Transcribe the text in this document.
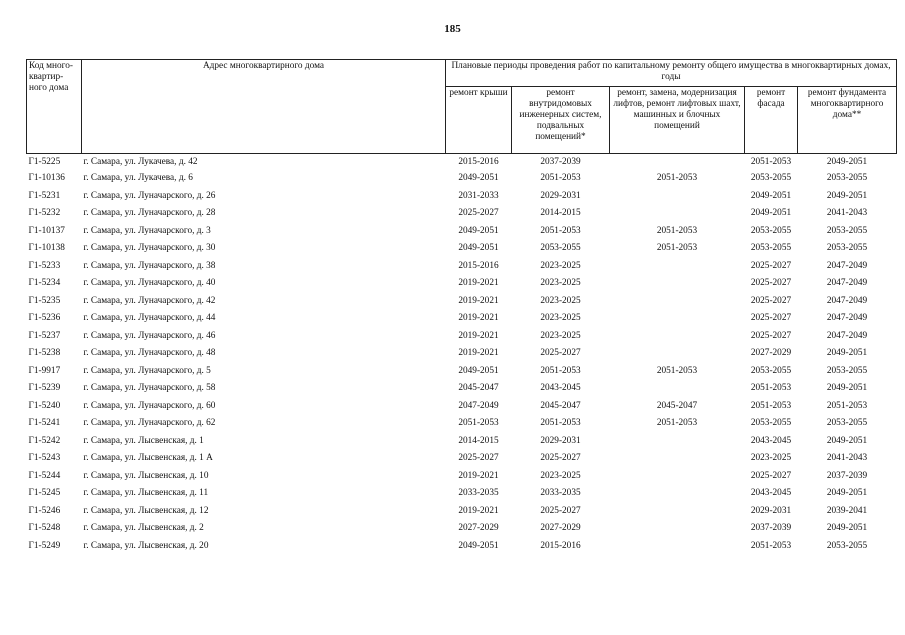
185
Код много-квартир-ного дома	Адрес многоквартирного дома	Плановые периоды проведения работ по капитальному ремонту общего имущества в многоквартирных домах, годы				
		ремонт крыши	ремонт внутридомовых инженерных систем, подвальных помещений*	ремонт, замена, модернизация лифтов, ремонт лифтовых шахт, машинных и блочных помещений	ремонт фасада	ремонт фундамента многоквартирного дома**
Г1-5225	г. Самара, ул. Лукачева, д. 42	2015-2016	2037-2039		2051-2053	2049-2051
Г1-10136	г. Самара, ул. Лукачева, д. 6	2049-2051	2051-2053	2051-2053	2053-2055	2053-2055
Г1-5231	г. Самара, ул. Луначарского, д. 26	2031-2033	2029-2031		2049-2051	2049-2051
Г1-5232	г. Самара, ул. Луначарского, д. 28	2025-2027	2014-2015		2049-2051	2041-2043
Г1-10137	г. Самара, ул. Луначарского, д. 3	2049-2051	2051-2053	2051-2053	2053-2055	2053-2055
Г1-10138	г. Самара, ул. Луначарского, д. 30	2049-2051	2053-2055	2051-2053	2053-2055	2053-2055
Г1-5233	г. Самара, ул. Луначарского, д. 38	2015-2016	2023-2025		2025-2027	2047-2049
Г1-5234	г. Самара, ул. Луначарского, д. 40	2019-2021	2023-2025		2025-2027	2047-2049
Г1-5235	г. Самара, ул. Луначарского, д. 42	2019-2021	2023-2025		2025-2027	2047-2049
Г1-5236	г. Самара, ул. Луначарского, д. 44	2019-2021	2023-2025		2025-2027	2047-2049
Г1-5237	г. Самара, ул. Луначарского, д. 46	2019-2021	2023-2025		2025-2027	2047-2049
Г1-5238	г. Самара, ул. Луначарского, д. 48	2019-2021	2025-2027		2027-2029	2049-2051
Г1-9917	г. Самара, ул. Луначарского, д. 5	2049-2051	2051-2053	2051-2053	2053-2055	2053-2055
Г1-5239	г. Самара, ул. Луначарского, д. 58	2045-2047	2043-2045		2051-2053	2049-2051
Г1-5240	г. Самара, ул. Луначарского, д. 60	2047-2049	2045-2047	2045-2047	2051-2053	2051-2053
Г1-5241	г. Самара, ул. Луначарского, д. 62	2051-2053	2051-2053	2051-2053	2053-2055	2053-2055
Г1-5242	г. Самара, ул. Лысвенская, д. 1	2014-2015	2029-2031		2043-2045	2049-2051
Г1-5243	г. Самара, ул. Лысвенская, д. 1 А	2025-2027	2025-2027		2023-2025	2041-2043
Г1-5244	г. Самара, ул. Лысвенская, д. 10	2019-2021	2023-2025		2025-2027	2037-2039
Г1-5245	г. Самара, ул. Лысвенская, д. 11	2033-2035	2033-2035		2043-2045	2049-2051
Г1-5246	г. Самара, ул. Лысвенская, д. 12	2019-2021	2025-2027		2029-2031	2039-2041
Г1-5248	г. Самара, ул. Лысвенская, д. 2	2027-2029	2027-2029		2037-2039	2049-2051
Г1-5249	г. Самара, ул. Лысвенская, д. 20	2049-2051	2015-2016		2051-2053	2053-2055
